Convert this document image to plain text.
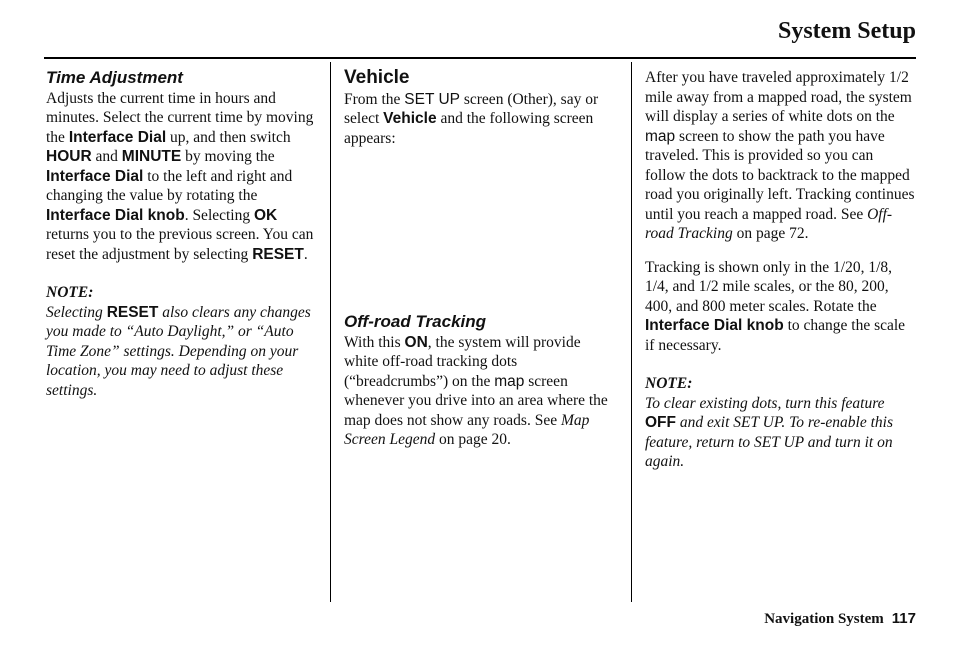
System Setup
Time Adjustment

Adjusts the current time in hours and minutes. Select the current time by moving the Interface Dial up, and then switch HOUR and MINUTE by moving the Interface Dial to the left and right and changing the value by rotating the Interface Dial knob. Selecting OK returns you to the previous screen. You can reset the adjustment by selecting RESET.

NOTE:
Selecting RESET also clears any changes you made to “Auto Daylight,” or “Auto Time Zone” settings. Depending on your location, you may need to adjust these settings.

Vehicle

From the SET UP screen (Other), say or select Vehicle and the following screen appears:

Off-road Tracking

With this ON, the system will provide white off-road tracking dots (“breadcrumbs”) on the map screen whenever you drive into an area where the map does not show any roads. See Map Screen Legend on page 20.

After you have traveled approximately 1/2 mile away from a mapped road, the system will display a series of white dots on the map screen to show the path you have traveled. This is provided so you can follow the dots to backtrack to the mapped road you originally left. Tracking continues until you reach a mapped road. See Off-road Tracking on page 72.

Tracking is shown only in the 1/20, 1/8, 1/4, and 1/2 mile scales, or the 80, 200, 400, and 800 meter scales. Rotate the Interface Dial knob to change the scale if necessary.

NOTE:
To clear existing dots, turn this feature OFF and exit SET UP. To re-enable this feature, return to SET UP and turn it on again.

Navigation System 117
